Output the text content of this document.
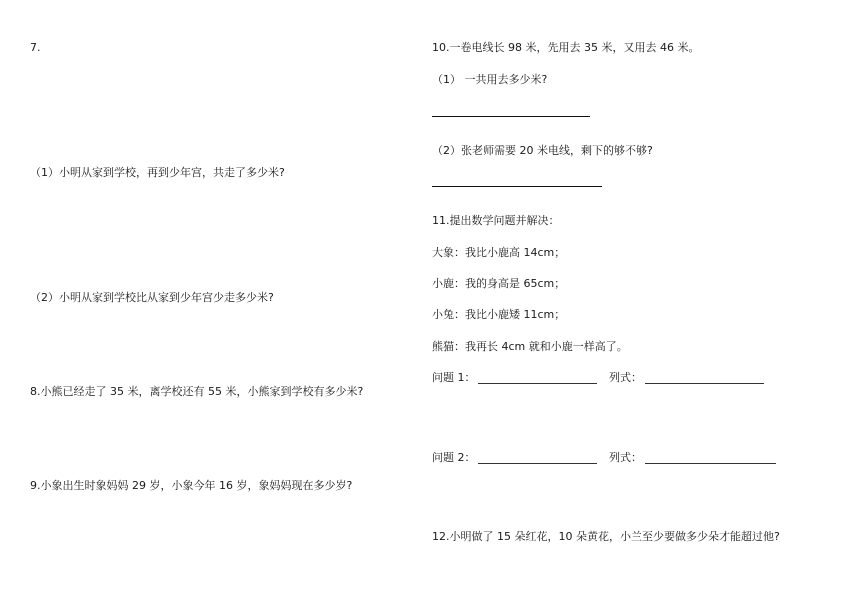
7.
（1）小明从家到学校，再到少年宫，共走了多少米?
（2）小明从家到学校比从家到少年宫少走多少米?
8.小熊已经走了 35 米，离学校还有 55 米，小熊家到学校有多少米?
9.小象出生时象妈妈 29 岁，小象今年 16 岁，象妈妈现在多少岁?
10.一卷电线长 98 米，先用去 35 米，又用去 46 米。
（1） 一共用去多少米?
（2）张老师需要 20 米电线，剩下的够不够?
11.提出数学问题并解决：
大象：我比小鹿高 14cm；
小鹿：我的身高是 65cm；
小兔：我比小鹿矮 11cm；
熊猫：我再长 4cm 就和小鹿一样高了。
问题 1：	列式：
问题 2：	列式：
12.小明做了 15 朵红花，10 朵黄花，小兰至少要做多少朵才能超过他?
